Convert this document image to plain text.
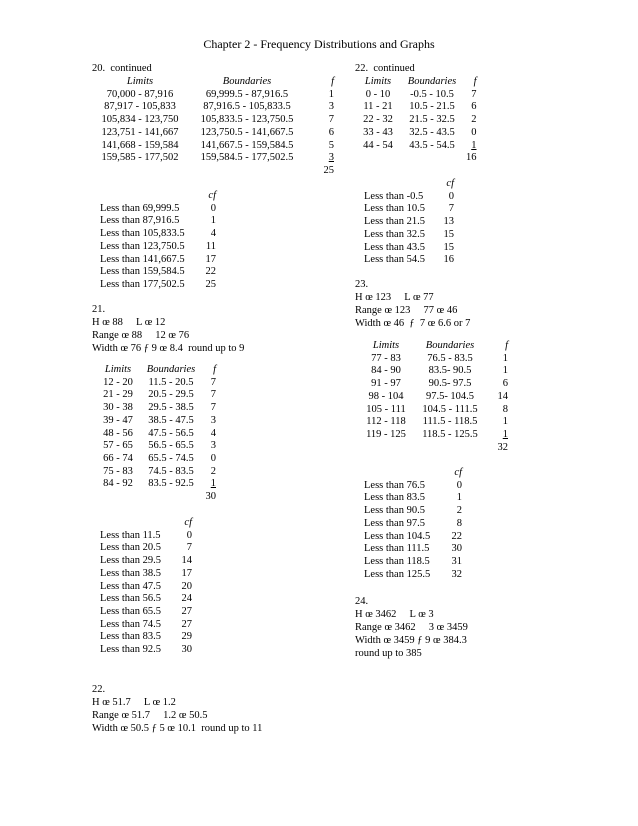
Chapter 2 - Frequency Distributions and Graphs
20.  continued
Limits	Boundaries	f
70,000 - 87,916	69,999.5 - 87,916.5	1
87,917 - 105,833	87,916.5 - 105,833.5	3
105,834 - 123,750	105,833.5 - 123,750.5	7
123,751 - 141,667	123,750.5 - 141,667.5	6
141,668 - 159,584	141,667.5 - 159,584.5	5
159,585 - 177,502	159,584.5 - 177,502.5	3
		25
	cf
Less than 69,999.5	0
Less than 87,916.5	1
Less than 105,833.5	4
Less than 123,750.5	11
Less than 141,667.5	17
Less than 159,584.5	22
Less than 177,502.5	25
21.
H œ 88     L œ 12
Range œ 88     12 œ 76
Width œ 76 ƒ 9 œ 8.4  round up to 9
Limits	Boundaries	f
12 - 20	11.5 - 20.5	7
21 - 29	20.5 - 29.5	7
30 - 38	29.5 - 38.5	7
39 - 47	38.5 - 47.5	3
48 - 56	47.5 - 56.5	4
57 - 65	56.5 - 65.5	3
66 - 74	65.5 - 74.5	0
75 - 83	74.5 - 83.5	2
84 - 92	83.5 - 92.5	1
		30
	cf
Less than 11.5	0
Less than 20.5	7
Less than 29.5	14
Less than 38.5	17
Less than 47.5	20
Less than 56.5	24
Less than 65.5	27
Less than 74.5	27
Less than 83.5	29
Less than 92.5	30
22.
H œ 51.7     L œ 1.2
Range œ 51.7     1.2 œ 50.5
Width œ 50.5 ƒ 5 œ 10.1  round up to 11
22.  continued
Limits	Boundaries	f
0 - 10	-0.5 - 10.5	7
11 - 21	10.5 - 21.5	6
22 - 32	21.5 - 32.5	2
33 - 43	32.5 - 43.5	0
44 - 54	43.5 - 54.5	1
		16
	cf
Less than -0.5	0
Less than 10.5	7
Less than 21.5	13
Less than 32.5	15
Less than 43.5	15
Less than 54.5	16
23.
H œ 123     L œ 77
Range œ 123     77 œ 46
Width œ 46  ƒ  7 œ 6.6 or 7
Limits	Boundaries	f
77 - 83	76.5 - 83.5	1
84 - 90	83.5- 90.5	1
91 - 97	90.5- 97.5	6
98 - 104	97.5- 104.5	14
105 - 111	104.5 - 111.5	8
112 - 118	111.5 - 118.5	1
119 - 125	118.5 - 125.5	1
		32
	cf
Less than 76.5	0
Less than 83.5	1
Less than 90.5	2
Less than 97.5	8
Less than 104.5	22
Less than 111.5	30
Less than 118.5	31
Less than 125.5	32
24.
H œ 3462     L œ 3
Range œ 3462     3 œ 3459
Width œ 3459 ƒ 9 œ 384.3
round up to 385
